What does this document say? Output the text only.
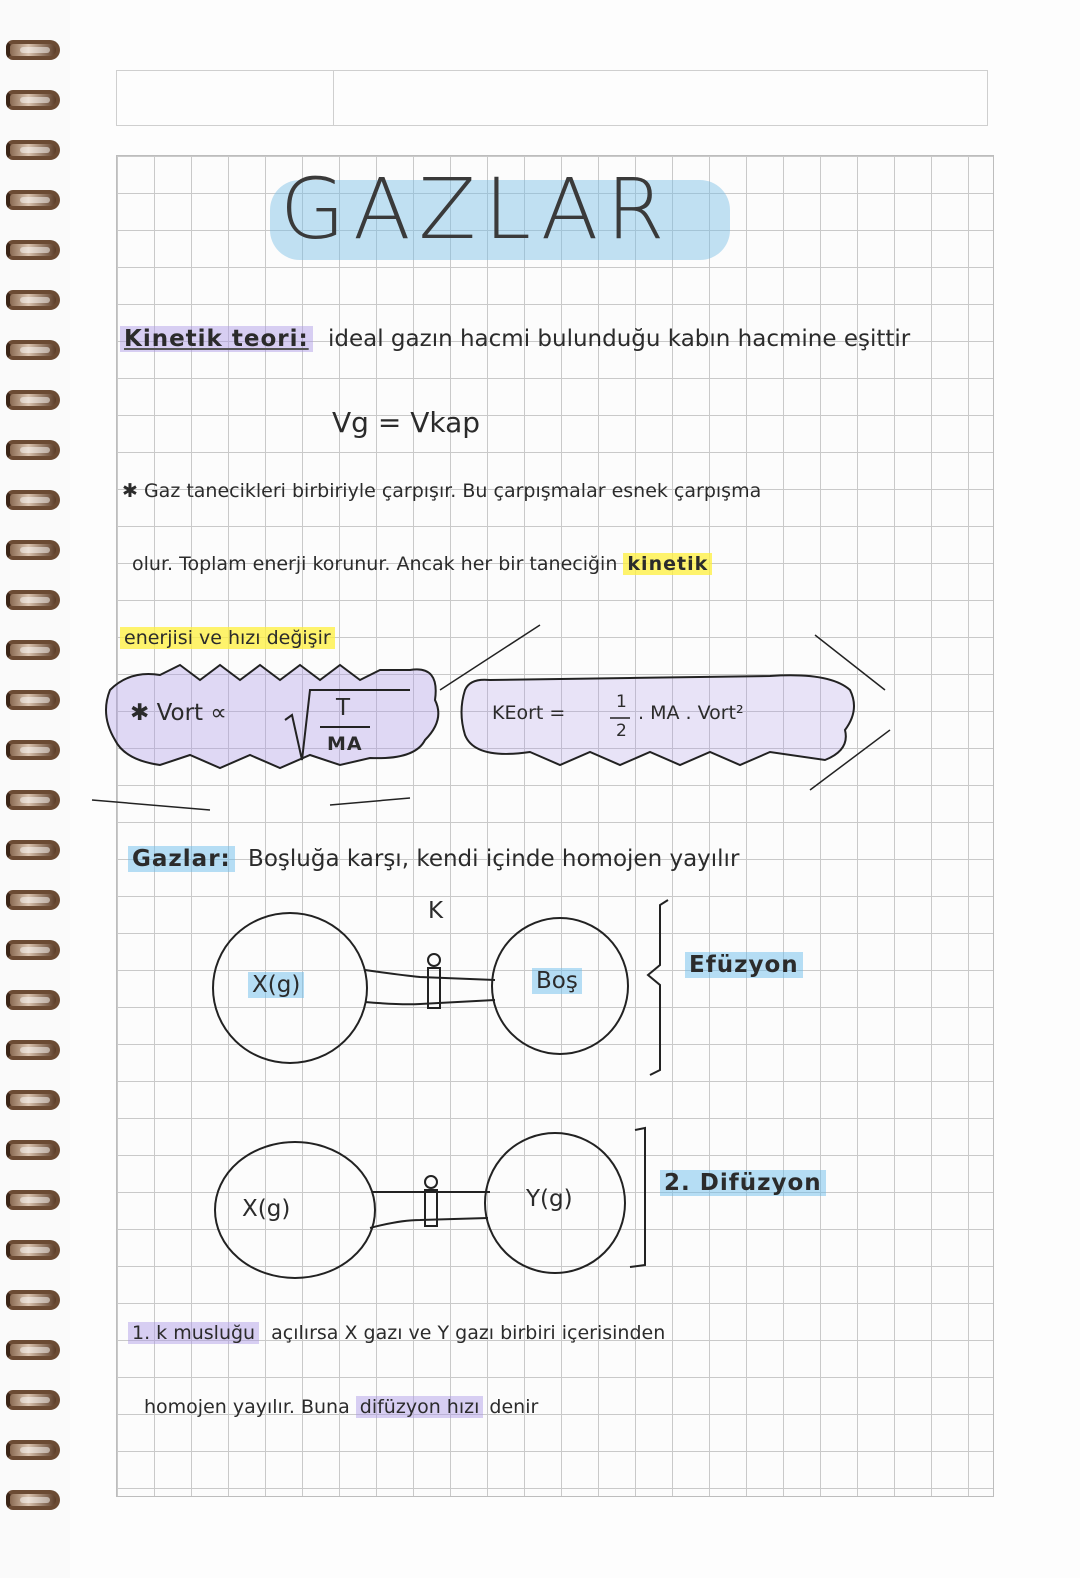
GAZLAR
Kinetik teori: ideal gazın hacmi bulunduğu kabın hacmine eşittir
Vg = Vkap
✱ Gaz tanecikleri birbiriyle çarpışır. Bu çarpışmalar esnek çarpışma
olur. Toplam enerji korunur. Ancak her bir taneciğin kinetik
enerjisi ve hızı değişir
✱ Vort ∝	T
MA
KEort =	1
2
. MA . Vort²
Gazlar: Boşluğa karşı, kendi içinde homojen yayılır
K
X(g)	Boş
Efüzyon
X(g)	Y(g)
2. Difüzyon
1. k musluğu açılırsa X gazı ve Y gazı birbiri içerisinden
homojen yayılır. Buna difüzyon hızı denir
